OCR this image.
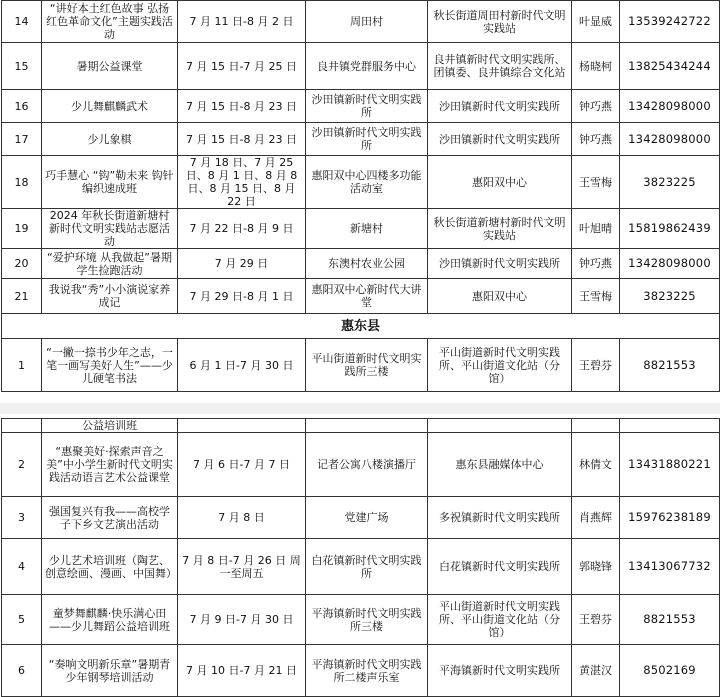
14	“讲好本土红色故事 弘扬红色革命文化”主题实践活动	7 月 11 日-8 月 2 日	周田村	秋长街道周田村新时代文明实践站	叶显威	13539242722
15	暑期公益课堂	7 月 15 日-7 月 25 日	良井镇党群服务中心	良井镇新时代文明实践所、团镇委、良井镇综合文化站	杨晓柯	13825434244
16	少儿舞麒麟武术	7 月 15 日-8 月 23 日	沙田镇新时代文明实践所	沙田镇新时代文明实践所	钟巧燕	13428098000
17	少儿象棋	7 月 15 日-8 月 23 日	沙田镇新时代文明实践所	沙田镇新时代文明实践所	钟巧燕	13428098000
18	巧手慧心 “钩”勒未来 钩针编织速成班	7 月 18 日、7 月 25 日、8 月 1 日、8 月 8 日、8 月 15 日、8 月 22 日	惠阳双中心四楼多功能活动室	惠阳双中心	王雪梅	3823225
19	2024 年秋长街道新塘村新时代文明实践站志愿活动	7 月 22 日-8 月 9 日	新塘村	秋长街道新塘村新时代文明实践站	叶旭晴	15819862439
20	“爱护环境 从我做起”暑期学生捡跑活动	7 月 29 日	东澳村农业公园	沙田镇新时代文明实践所	钟巧燕	13428098000
21	我说我“秀”小小演说家养成记	7 月 29 日-8 月 1 日	惠阳双中心新时代大讲堂	惠阳双中心	王雪梅	3823225
惠东县						
1	“一撇一捺书少年之志，一笔一画写美好人生”——少儿硬笔书法	6 月 1 日-7 月 30 日	平山街道新时代文明实践所三楼	平山街道新时代文明实践所、平山街道文化站（分馆）	王碧芬	8821553
	公益培训班					
2	“惠聚美好·探索声音之美”中小学生新时代文明实践活动语言艺术公益课堂	7 月 6 日-7 月 7 日	记者公寓八楼演播厅	惠东县融媒体中心	林倩文	13431880221
3	强国复兴有我——高校学子下乡文艺演出活动	7 月 8 日	党建广场	多祝镇新时代文明实践所	肖燕辉	15976238189
4	少儿艺术培训班（陶艺、创意绘画、漫画、中国舞）	7 月 8 日-7 月 26 日 周一至周五	白花镇新时代文明实践所	白花镇新时代文明实践所	郭晓锋	13413067732
5	童梦舞麒麟·快乐满心田——少儿舞蹈公益培训班	7 月 9 日-7 月 30 日	平海镇新时代文明实践所三楼	平山街道新时代文明实践所、平山街道文化站（分馆）	王碧芬	8821553
6	“奏响文明新乐章”暑期青少年钢琴培训活动	7 月 10 日-7 月 21 日	平海镇新时代文明实践所二楼声乐室	平海镇新时代文明实践所	黄湛汉	8502169
